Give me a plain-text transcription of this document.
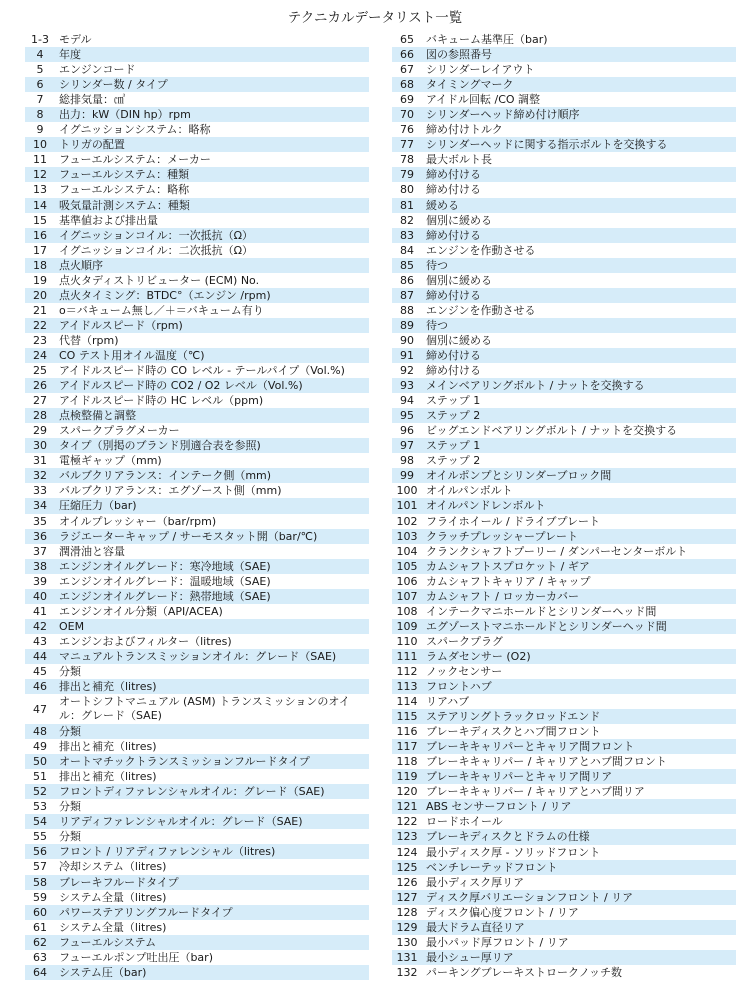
テクニカルデータリスト一覧
1-3 モデル
4	年度
5	エンジンコード
6	シリンダー数 / タイプ
7	総排気量：㎤
8	出力：kW（DIN hp）rpm
9	イグニッションシステム：略称
10	トリガの配置
11	フューエルシステム：メーカー
12	フューエルシステム：種類
13	フューエルシステム：略称
14	吸気量計測システム：種類
15	基準値および排出量
16	イグニッションコイル：一次抵抗（Ω）
17	イグニッションコイル：二次抵抗（Ω）
18	点火順序
19	点火タディストリビューター (ECM) No.
20	点火タイミング：BTDC°（エンジン /rpm)
21	o＝バキューム無し／＋＝バキューム有り
22	アイドルスピード（rpm)
23	代替（rpm)
24	CO テスト用オイル温度（℃)
25	アイドルスピード時の CO レベル - テールパイプ（Vol.%)
26	アイドルスピード時の CO2 / O2 レベル（Vol.%)
27	アイドルスピード時の HC レベル（ppm)
28	点検整備と調整
29	スパークプラグメーカー
30	タイプ（別掲のブランド別適合表を参照)
31	電極ギャップ（mm)
32	バルブクリアランス：インテーク側（mm)
33	バルブクリアランス：エグゾースト側（mm)
34	圧縮圧力（bar)
35	オイルプレッシャー（bar/rpm)
36	ラジエーターキャップ / サーモスタット開（bar/℃)
37	潤滑油と容量
38	エンジンオイルグレード：寒冷地域（SAE)
39	エンジンオイルグレード：温暖地域（SAE)
40	エンジンオイルグレード：熱帯地域（SAE)
41	エンジンオイル分類（API/ACEA)
42	OEM
43	エンジンおよびフィルター（litres)
44	マニュアルトランスミッションオイル：グレード（SAE)
45	分類
46	排出と補充（litres)
47
オートシフトマニュアル (ASM) トランスミッションのオイル：グレード（SAE)
48	分類
49	排出と補充（litres)
50	オートマチックトランスミッションフルードタイプ
51	排出と補充（litres)
52	フロントディファレンシャルオイル：グレード（SAE)
53	分類
54	リアディファレンシャルオイル：グレード（SAE)
55	分類
56	フロント / リアディファレンシャル（litres)
57	冷却システム（litres)
58	ブレーキフルードタイプ
59	システム全量（litres)
60	パワーステアリングフルードタイプ
61	システム全量（litres)
62	フューエルシステム
63	フューエルポンプ吐出圧（bar)
64	システム圧（bar)
65	バキューム基準圧（bar)
66	図の参照番号
67	シリンダーレイアウト
68	タイミングマーク
69	アイドル回転 /CO 調整
70	シリンダーヘッド締め付け順序
76	締め付けトルク
77	シリンダーヘッドに関する指示ボルトを交換する
78	最大ボルト長
79	締め付ける
80	締め付ける
81	緩める
82	個別に緩める
83	締め付ける
84	エンジンを作動させる
85	待つ
86	個別に緩める
87	締め付ける
88	エンジンを作動させる
89	待つ
90	個別に緩める
91	締め付ける
92	締め付ける
93	メインベアリングボルト / ナットを交換する
94	ステップ 1
95	ステップ 2
96	ビッグエンドベアリングボルト / ナットを交換する
97	ステップ 1
98	ステップ 2
99	オイルポンプとシリンダーブロック間
100 オイルパンボルト
101 オイルパンドレンボルト
102 フライホイール / ドライブプレート
103 クラッチプレッシャープレート
104 クランクシャフトプーリー / ダンパーセンターボルト
105 カムシャフトスプロケット / ギア
106 カムシャフトキャリア / キャップ
107 カムシャフト / ロッカーカバー
108 インテークマニホールドとシリンダーヘッド間
109 エグゾーストマニホールドとシリンダーヘッド間
110 スパークプラグ
111 ラムダセンサー (O2)
112 ノックセンサー
113 フロントハブ
114 リアハブ
115 ステアリングトラックロッドエンド
116 ブレーキディスクとハブ間フロント
117 ブレーキキャリパーとキャリア間フロント
118 ブレーキキャリパー / キャリアとハブ間フロント
119 ブレーキキャリパーとキャリア間リア
120 ブレーキキャリパー / キャリアとハブ間リア
121 ABS センサーフロント / リア
122 ロードホイール
123 ブレーキディスクとドラムの仕様
124 最小ディスク厚 - ソリッドフロント
125 ベンチレーテッドフロント
126 最小ディスク厚リア
127 ディスク厚バリエーションフロント / リア
128 ディスク偏心度フロント / リア
129 最大ドラム直径リア
130 最小パッド厚フロント / リア
131 最小シュー厚リア
132 パーキングブレーキストロークノッチ数
